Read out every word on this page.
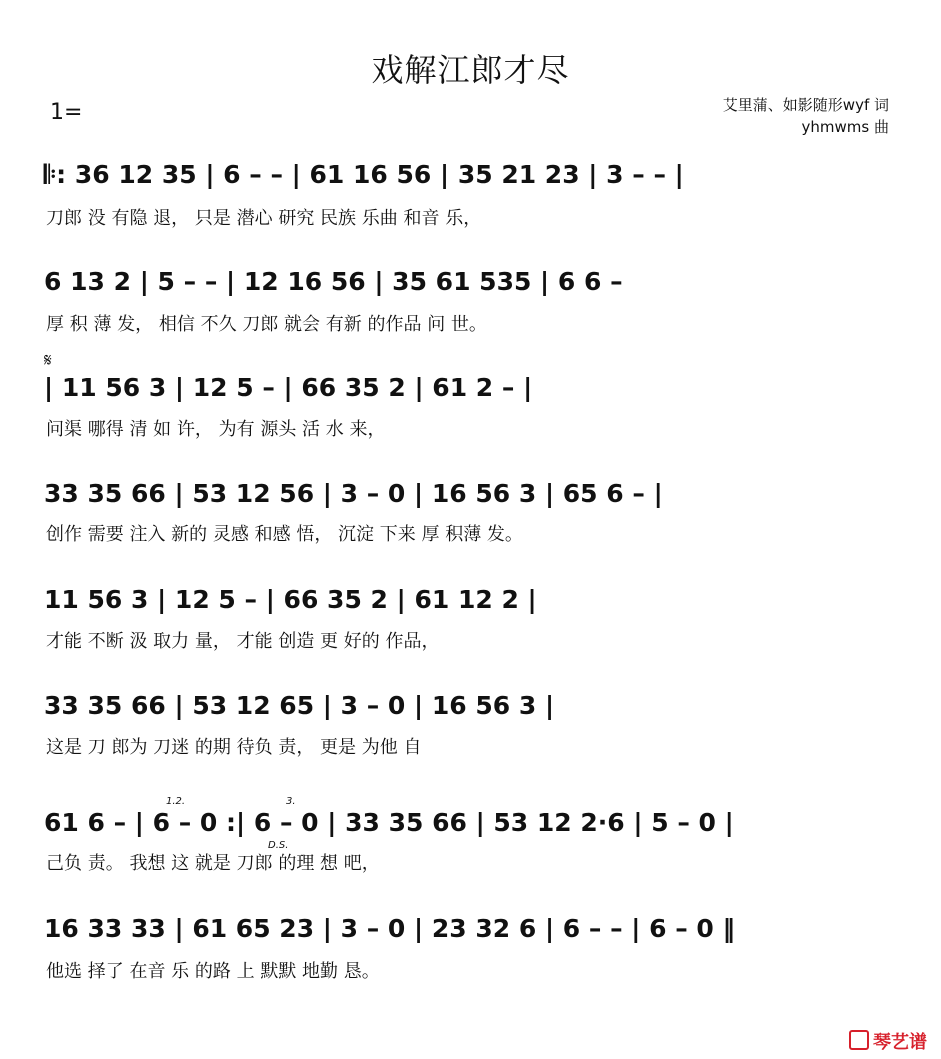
戏解江郎才尽
1=	艾里蒲、如影随形wyf 词
yhmwms 曲
𝄆: 36 12 35 | 6 – – | 61 16 56 | 35 21 23 | 3 – – |
刀郎 没 有隐 退， 只是 潜心 研究 民族 乐曲 和音 乐，
6 13 2 | 5 – – | 12 16 56 | 35 61 535 | 6 6 –
厚 积 薄 发， 相信 不久 刀郎 就会 有新 的作品 问 世。
𝄋
| 11 56 3 | 12 5 – | 66 35 2 | 61 2 – |
问渠 哪得 清 如 许， 为有 源头 活 水 来，
33 35 66 | 53 12 56 | 3 – 0 | 16 56 3 | 65 6 – |
创作 需要 注入 新的 灵感 和感 悟， 沉淀 下来 厚 积薄 发。
11 56 3 | 12 5 – | 66 35 2 | 61 12 2 |
才能 不断 汲 取力 量， 才能 创造 更 好的 作品，
33 35 66 | 53 12 65 | 3 – 0 | 16 56 3 |
这是 刀 郎为 刀迷 的期 待负 责， 更是 为他 自
1.2.	3.
61 6 – | 6 – 0 :| 6 – 0 | 33 35 66 | 53 12 2·6 | 5 – 0 |
D.S.
己负 责。 我想 这 就是 刀郎 的理 想 吧，
16 33 33 | 61 65 23 | 3 – 0 | 23 32 6 | 6 – – | 6 – 0 ‖
他选 择了 在音 乐 的路 上 默默 地勤 恳。
琴艺谱
